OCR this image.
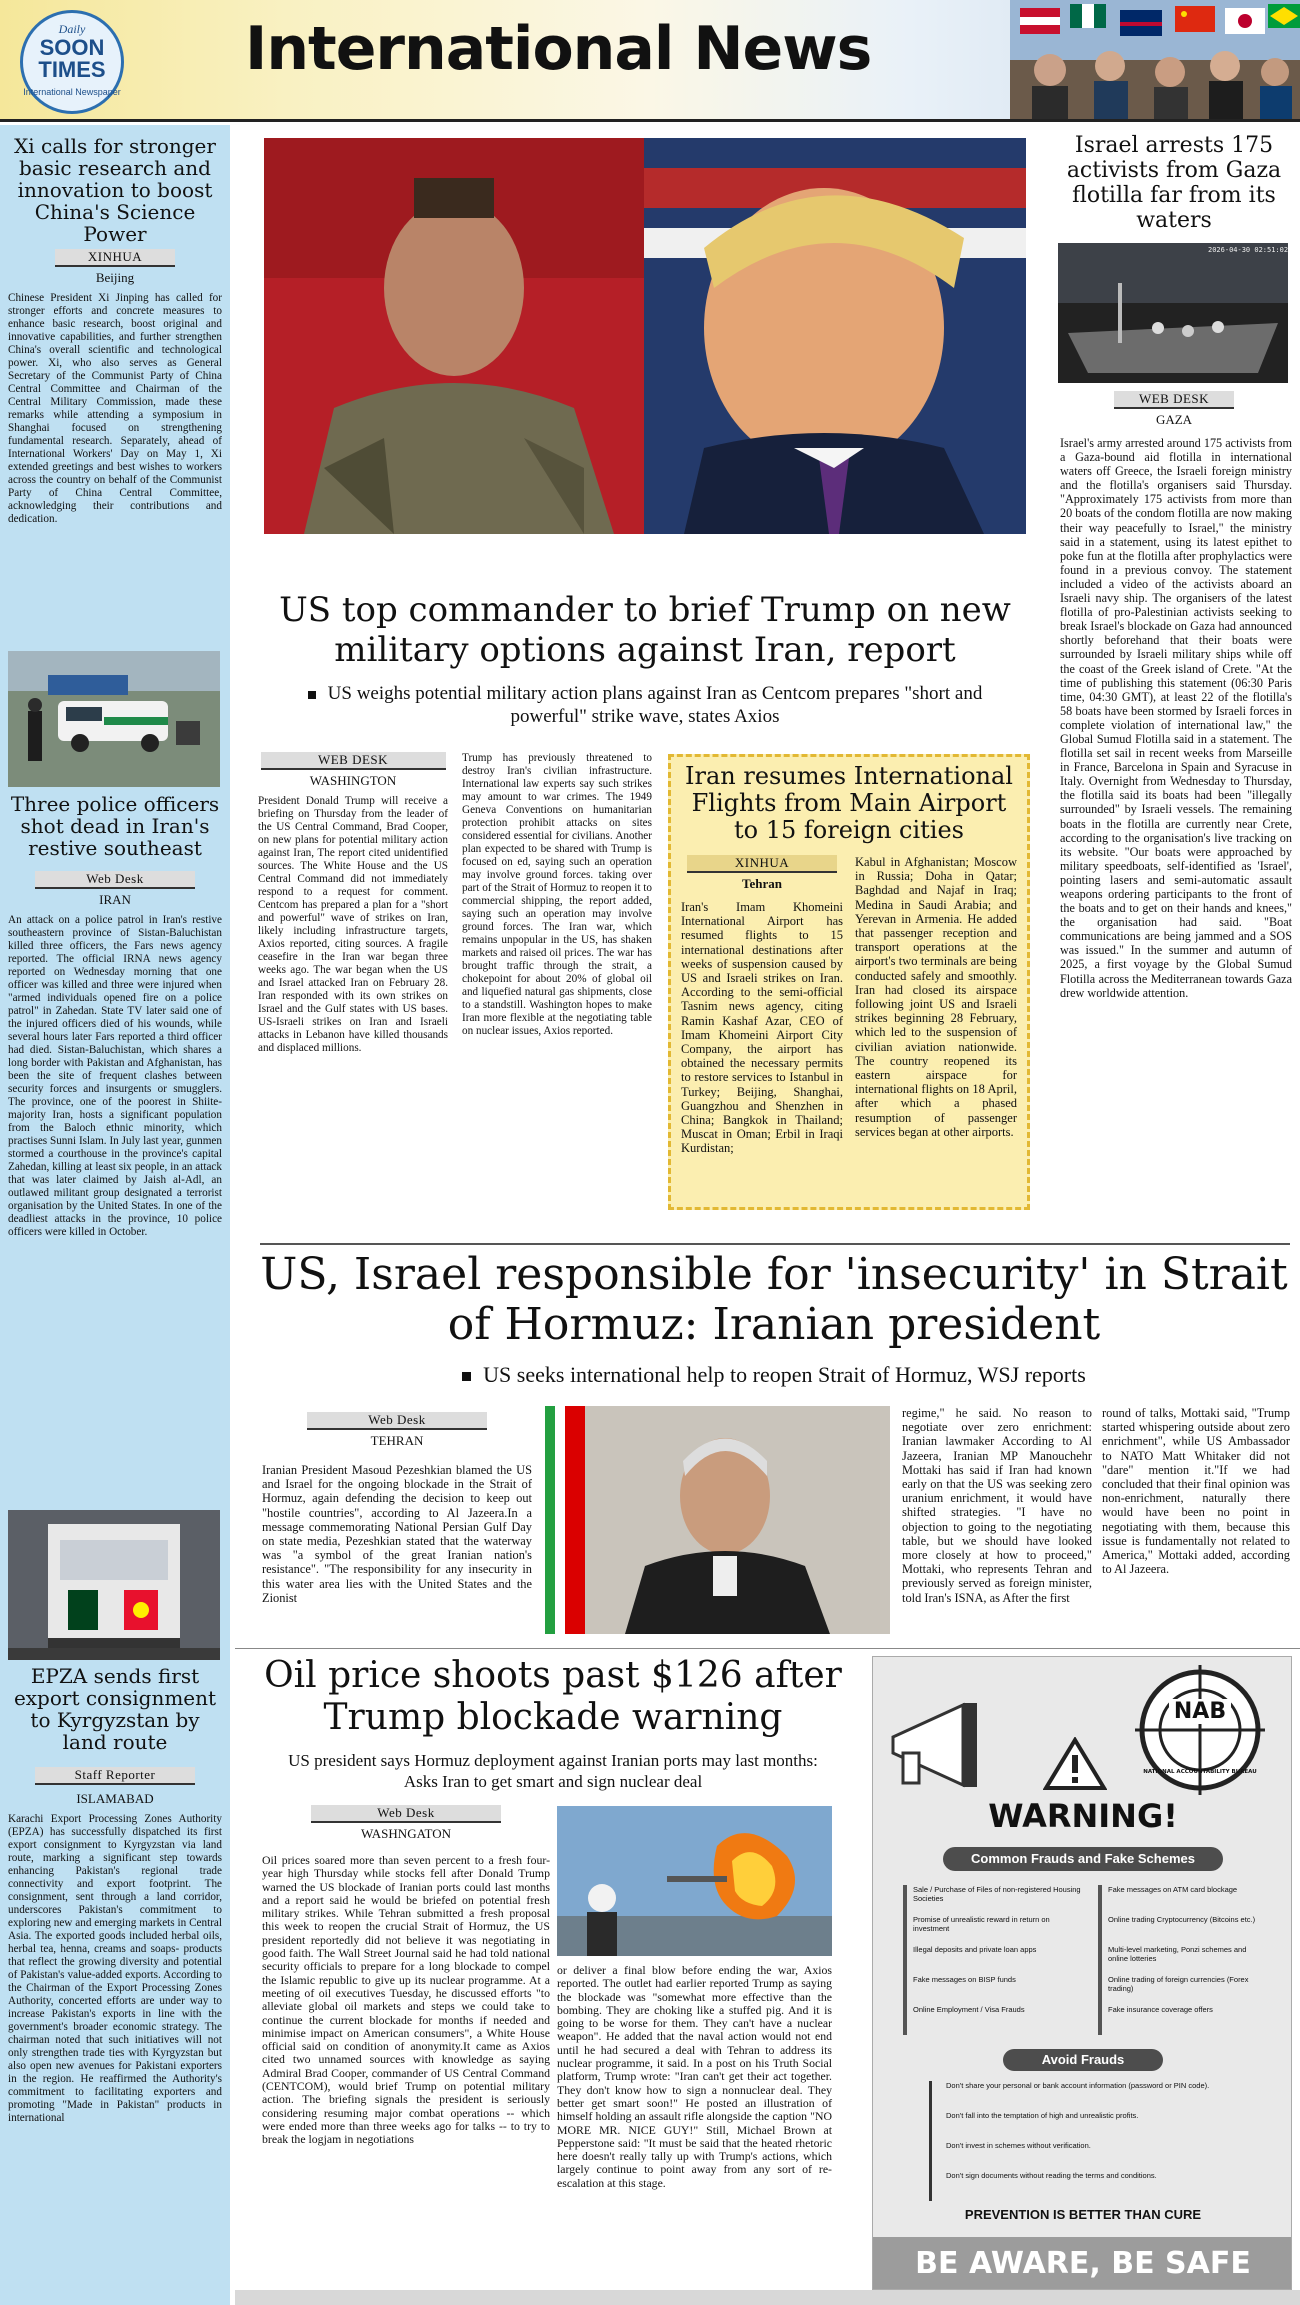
Daily
SOON TIMES
International Newspaper
International News
Xi calls for stronger basic research and innovation to boost China's Science Power
XINHUA
Beijing
Chinese President Xi Jinping has called for stronger efforts and concrete measures to enhance basic research, boost original and innovative capabilities, and further strengthen China's overall scientific and technological power. Xi, who also serves as General Secretary of the Communist Party of China Central Committee and Chairman of the Central Military Commission, made these remarks while attending a symposium in Shanghai focused on strengthening fundamental research. Separately, ahead of International Workers' Day on May 1, Xi extended greetings and best wishes to workers across the country on behalf of the Communist Party of China Central Committee, acknowledging their contributions and dedication.
Three police officers shot dead in Iran's restive southeast
Web Desk
IRAN
An attack on a police patrol in Iran's restive southeastern province of Sistan-Baluchistan killed three officers, the Fars news agency reported. The official IRNA news agency reported on Wednesday morning that one officer was killed and three were injured when "armed individuals opened fire on a police patrol" in Zahedan. State TV later said one of the injured officers died of his wounds, while several hours later Fars reported a third officer had died. Sistan-Baluchistan, which shares a long border with Pakistan and Afghanistan, has been the site of frequent clashes between security forces and insurgents or smugglers. The province, one of the poorest in Shiite-majority Iran, hosts a significant population from the Baloch ethnic minority, which practises Sunni Islam. In July last year, gunmen stormed a courthouse in the province's capital Zahedan, killing at least six people, in an attack that was later claimed by Jaish al-Adl, an outlawed militant group designated a terrorist organisation by the United States. In one of the deadliest attacks in the province, 10 police officers were killed in October.
EPZA sends first export consignment to Kyrgyzstan by land route
Staff Reporter
ISLAMABAD
Karachi Export Processing Zones Authority (EPZA) has successfully dispatched its first export consignment to Kyrgyzstan via land route, marking a significant step towards enhancing Pakistan's regional trade connectivity and export footprint. The consignment, sent through a land corridor, underscores Pakistan's commitment to exploring new and emerging markets in Central Asia. The exported goods included herbal oils, herbal tea, henna, creams and soaps- products that reflect the growing diversity and potential of Pakistan's value-added exports. According to the Chairman of the Export Processing Zones Authority, concerted efforts are under way to increase Pakistan's exports in line with the government's broader economic strategy. The chairman noted that such initiatives will not only strengthen trade ties with Kyrgyzstan but also open new avenues for Pakistani exporters in the region. He reaffirmed the Authority's commitment to facilitating exporters and promoting "Made in Pakistan" products in international
US top commander to brief Trump on new military options against Iran, report
US weighs potential military action plans against Iran as Centcom prepares "short and powerful" strike wave, states Axios
WEB DESK
WASHINGTON
President Donald Trump will receive a briefing on Thursday from the leader of the US Central Command, Brad Cooper, on new plans for potential military action against Iran, The report cited unidentified sources. The White House and the US Central Command did not immediately respond to a request for comment. Centcom has prepared a plan for a "short and powerful" wave of strikes on Iran, likely including infrastructure targets, Axios reported, citing sources. A fragile ceasefire in the Iran war began three weeks ago. The war began when the US and Israel attacked Iran on February 28. Iran responded with its own strikes on Israel and the Gulf states with US bases. US-Israeli strikes on Iran and Israeli attacks in Lebanon have killed thousands and displaced millions.
Trump has previously threatened to destroy Iran's civilian infrastructure. International law experts say such strikes may amount to war crimes. The 1949 Geneva Conventions on humanitarian protection prohibit attacks on sites considered essential for civilians. Another plan expected to be shared with Trump is focused on ed, saying such an operation may involve ground forces. taking over part of the Strait of Hormuz to reopen it to commercial shipping, the report added, saying such an operation may involve ground forces. The Iran war, which remains unpopular in the US, has shaken markets and raised oil prices. The war has brought traffic through the strait, a chokepoint for about 20% of global oil and liquefied natural gas shipments, close to a standstill. Washington hopes to make Iran more flexible at the negotiating table on nuclear issues, Axios reported.
Iran resumes International Flights from Main Airport to 15 foreign cities
XINHUA
Tehran
Iran's Imam Khomeini International Airport has resumed flights to 15 international destinations after weeks of suspension caused by US and Israeli strikes on Iran. According to the semi-official Tasnim news agency, citing Ramin Kashaf Azar, CEO of Imam Khomeini Airport City Company, the airport has obtained the necessary permits to restore services to Istanbul in Turkey; Beijing, Shanghai, Guangzhou and Shenzhen in China; Bangkok in Thailand; Muscat in Oman; Erbil in Iraqi Kurdistan;
Kabul in Afghanistan; Moscow in Russia; Doha in Qatar; Baghdad and Najaf in Iraq; Medina in Saudi Arabia; and Yerevan in Armenia. He added that passenger reception and transport operations at the airport's two terminals are being conducted safely and smoothly. Iran had closed its airspace following joint US and Israeli strikes beginning 28 February, which led to the suspension of civilian aviation nationwide. The country reopened its eastern airspace for international flights on 18 April, after which a phased resumption of passenger services began at other airports.
Israel arrests 175 activists from Gaza flotilla far from its waters
2026-04-30 02:51:02
WEB DESK
GAZA
Israel's army arrested around 175 activists from a Gaza-bound aid flotilla in international waters off Greece, the Israeli foreign ministry and the flotilla's organisers said Thursday. "Approximately 175 activists from more than 20 boats of the condom flotilla are now making their way peacefully to Israel," the ministry said in a statement, using its latest epithet to poke fun at the flotilla after prophylactics were found in a previous convoy. The statement included a video of the activists aboard an Israeli navy ship. The organisers of the latest flotilla of pro-Palestinian activists seeking to break Israel's blockade on Gaza had announced shortly beforehand that their boats were surrounded by Israeli military ships while off the coast of the Greek island of Crete. "At the time of publishing this statement (06:30 Paris time, 04:30 GMT), at least 22 of the flotilla's 58 boats have been stormed by Israeli forces in complete violation of international law," the Global Sumud Flotilla said in a statement. The flotilla set sail in recent weeks from Marseille in France, Barcelona in Spain and Syracuse in Italy. Overnight from Wednesday to Thursday, the flotilla said its boats had been "illegally surrounded" by Israeli vessels. The remaining boats in the flotilla are currently near Crete, according to the organisation's live tracking on its website. "Our boats were approached by military speedboats, self-identified as 'Israel', pointing lasers and semi-automatic assault weapons ordering participants to the front of the boats and to get on their hands and knees," the organisation had said. "Boat communications are being jammed and a SOS was issued." In the summer and autumn of 2025, a first voyage by the Global Sumud Flotilla across the Mediterranean towards Gaza drew worldwide attention.
US, Israel responsible for 'insecurity' in Strait of Hormuz: Iranian president
US seeks international help to reopen Strait of Hormuz, WSJ reports
Web Desk
TEHRAN
Iranian President Masoud Pezeshkian blamed the US and Israel for the ongoing blockade in the Strait of Hormuz, again defending the decision to keep out "hostile countries", according to Al Jazeera.In a message commemorating National Persian Gulf Day on state media, Pezeshkian stated that the waterway was "a symbol of the great Iranian nation's resistance". "The responsibility for any insecurity in this water area lies with the United States and the Zionist
regime," he said. No reason to negotiate over zero enrichment: Iranian lawmaker According to Al Jazeera, Iranian MP Manouchehr Mottaki has said if Iran had known early on that the US was seeking zero uranium enrichment, it would have shifted strategies. "I have no objection to going to the negotiating table, but we should have looked more closely at how to proceed," Mottaki, who represents Tehran and previously served as foreign minister, told Iran's ISNA, as After the first
round of talks, Mottaki said, "Trump started whispering outside about zero enrichment", while US Ambassador to NATO Matt Whitaker did not "dare" mention it."If we had concluded that their final opinion was non-enrichment, naturally there would have been no point in negotiating with them, because this issue is fundamentally not related to America," Mottaki added, according to Al Jazeera.
Oil price shoots past $126 after Trump blockade warning
US president says Hormuz deployment against Iranian ports may last months: Asks Iran to get smart and sign nuclear deal
Web Desk
WASHNGATON
Oil prices soared more than seven percent to a fresh four-year high Thursday while stocks fell after Donald Trump warned the US blockade of Iranian ports could last months and a report said he would be briefed on potential fresh military strikes. While Tehran submitted a fresh proposal this week to reopen the crucial Strait of Hormuz, the US president reportedly did not believe it was negotiating in good faith. The Wall Street Journal said he had told national security officials to prepare for a long blockade to compel the Islamic republic to give up its nuclear programme. At a meeting of oil executives Tuesday, he discussed efforts "to alleviate global oil markets and steps we could take to continue the current blockade for months if needed and minimise impact on American consumers", a White House official said on condition of anonymity.It came as Axios cited two unnamed sources with knowledge as saying Admiral Brad Cooper, commander of US Central Command (CENTCOM), would brief Trump on potential military action. The briefing signals the president is seriously considering resuming major combat operations -- which were ended more than three weeks ago for talks -- to try to break the logjam in negotiations
or deliver a final blow before ending the war, Axios reported. The outlet had earlier reported Trump as saying the blockade was "somewhat more effective than the bombing. They are choking like a stuffed pig. And it is going to be worse for them. They can't have a nuclear weapon". He added that the naval action would not end until he had secured a deal with Tehran to address its nuclear programme, it said. In a post on his Truth Social platform, Trump wrote: "Iran can't get their act together. They don't know how to sign a nonnuclear deal. They better get smart soon!" He posted an illustration of himself holding an assault rifle alongside the caption "NO MORE MR. NICE GUY!" Still, Michael Brown at Pepperstone said: "It must be said that the heated rhetoric here doesn't really tally up with Trump's actions, which largely continue to point away from any sort of re-escalation at this stage.
NAB
NATIONAL ACCOUNTABILITY BUREAU
WARNING!
Common Frauds and Fake Schemes
Sale / Purchase of Files of non-registered Housing Societies
Promise of unrealistic reward in return on investment
Illegal deposits and private loan apps
Fake messages on BISP funds
Online Employment / Visa Frauds
Fake messages on ATM card blockage
Online trading Cryptocurrency (Bitcoins etc.)
Multi-level marketing, Ponzi schemes and online lotteries
Online trading of foreign currencies (Forex trading)
Fake insurance coverage offers
Avoid Frauds
Don't share your personal or bank account information (password or PIN code).
Don't fall into the temptation of high and unrealistic profits.
Don't invest in schemes without verification.
Don't sign documents without reading the terms and conditions.
PREVENTION IS BETTER THAN CURE
BE AWARE, BE SAFE
